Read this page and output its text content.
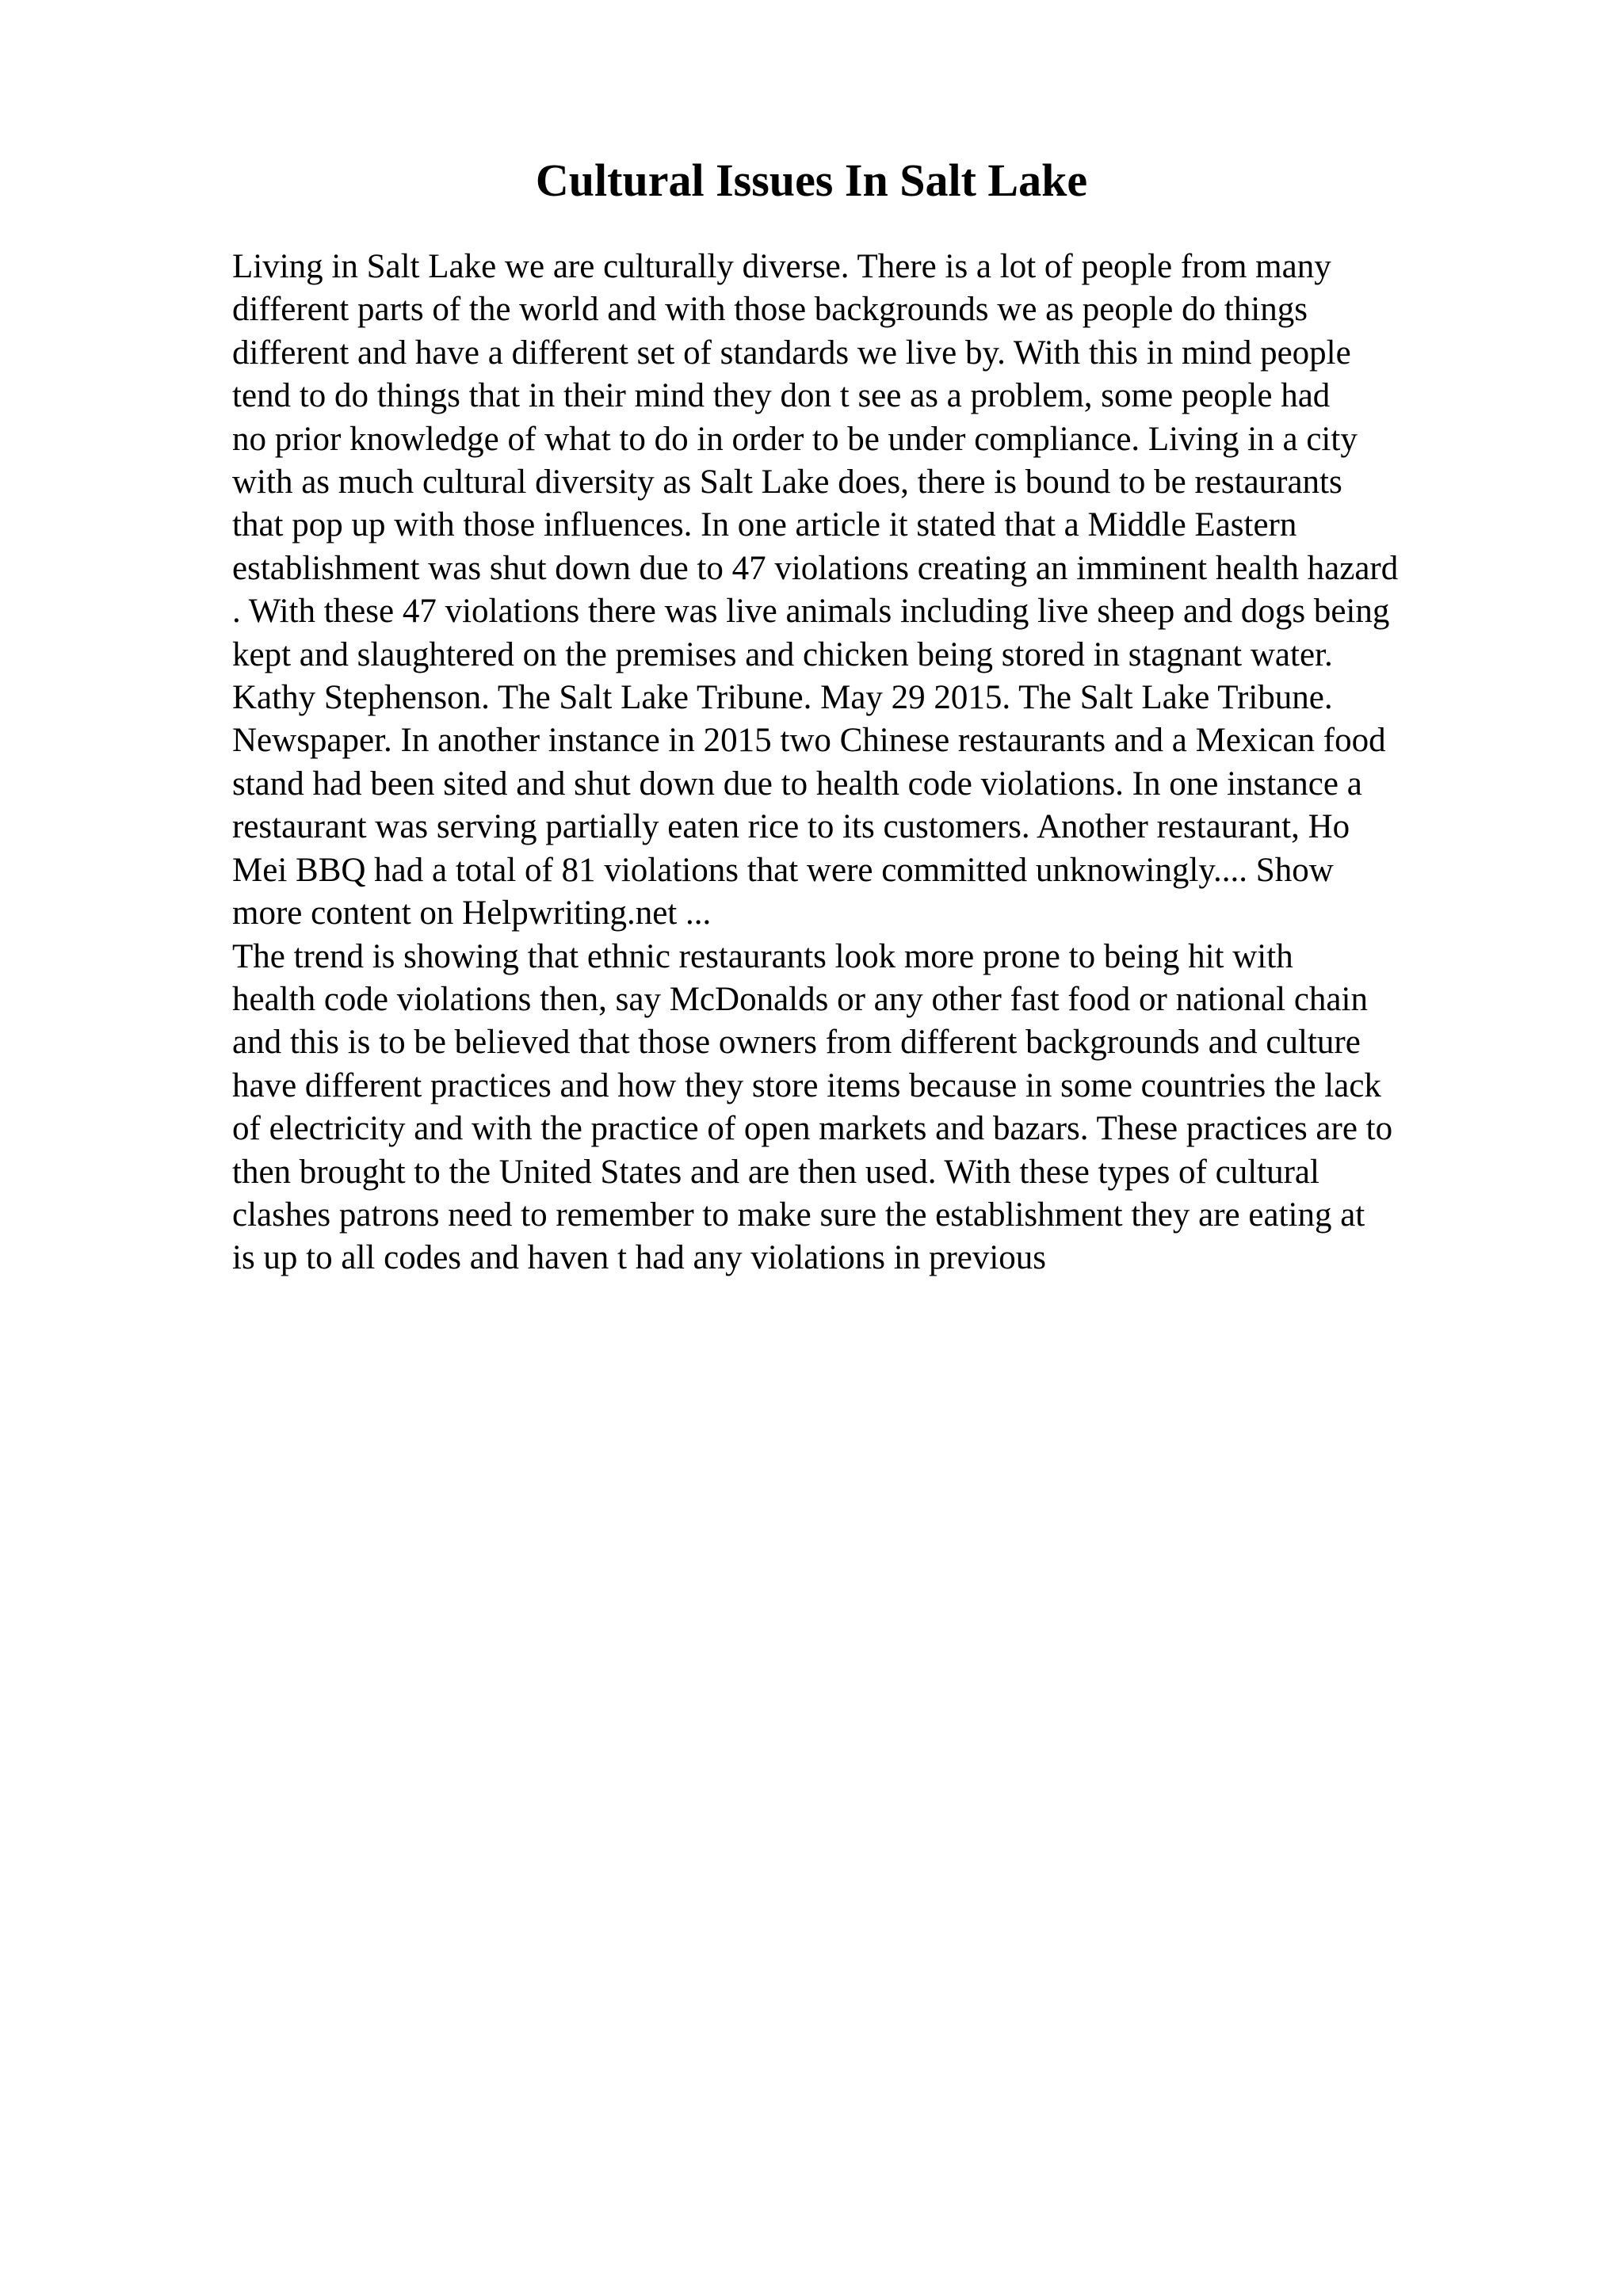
Cultural Issues In Salt Lake
Living in Salt Lake we are culturally diverse. There is a lot of people from many
different parts of the world and with those backgrounds we as people do things
different and have a different set of standards we live by. With this in mind people
tend to do things that in their mind they don t see as a problem, some people had
no prior knowledge of what to do in order to be under compliance. Living in a city
with as much cultural diversity as Salt Lake does, there is bound to be restaurants
that pop up with those influences. In one article it stated that a Middle Eastern
establishment was shut down due to 47 violations creating an imminent health hazard
. With these 47 violations there was live animals including live sheep and dogs being
kept and slaughtered on the premises and chicken being stored in stagnant water.
Kathy Stephenson. The Salt Lake Tribune. May 29 2015. The Salt Lake Tribune.
Newspaper. In another instance in 2015 two Chinese restaurants and a Mexican food
stand had been sited and shut down due to health code violations. In one instance a
restaurant was serving partially eaten rice to its customers. Another restaurant, Ho
Mei BBQ had a total of 81 violations that were committed unknowingly.... Show
more content on Helpwriting.net ...
The trend is showing that ethnic restaurants look more prone to being hit with
health code violations then, say McDonalds or any other fast food or national chain
and this is to be believed that those owners from different backgrounds and culture
have different practices and how they store items because in some countries the lack
of electricity and with the practice of open markets and bazars. These practices are to
then brought to the United States and are then used. With these types of cultural
clashes patrons need to remember to make sure the establishment they are eating at
is up to all codes and haven t had any violations in previous
